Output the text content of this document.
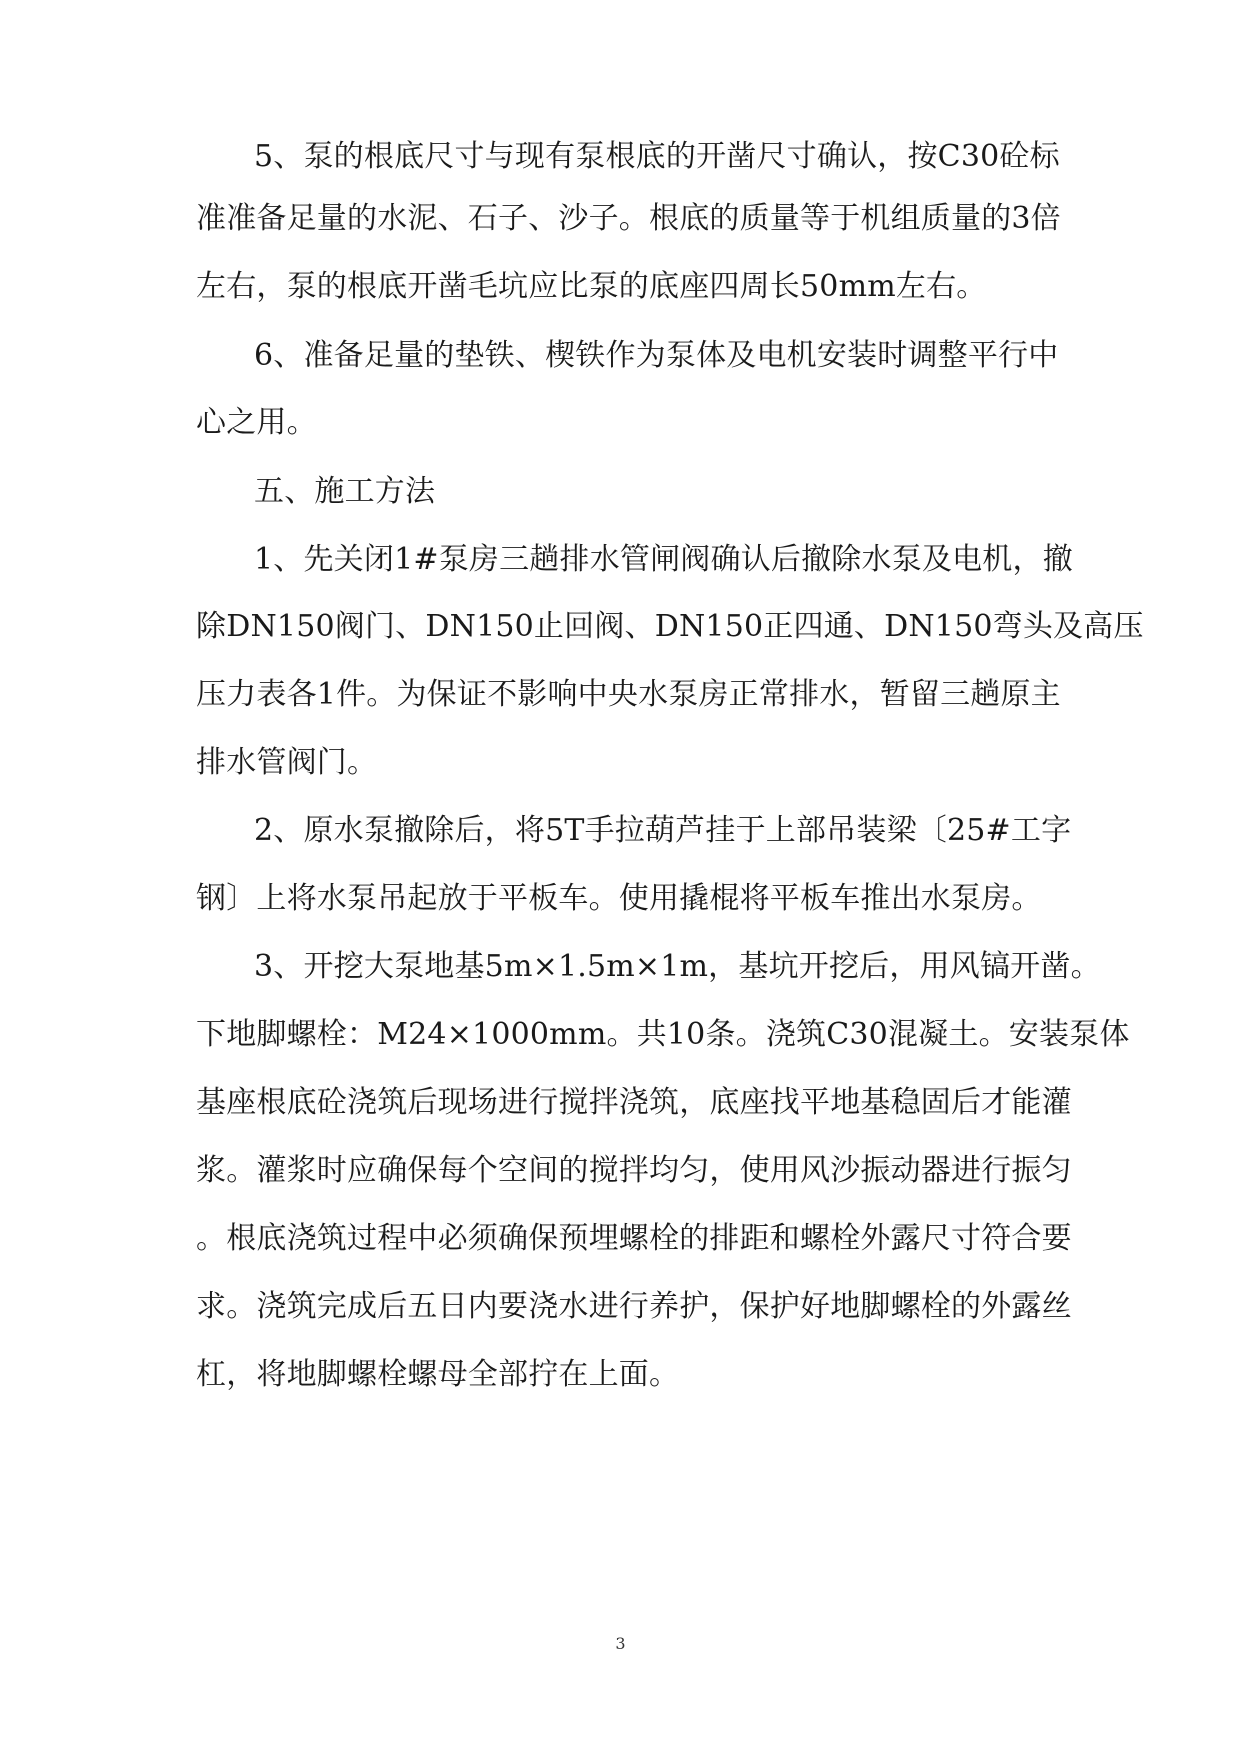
5、泵的根底尺寸与现有泵根底的开凿尺寸确认，按C30砼标
准准备足量的水泥、石子、沙子。根底的质量等于机组质量的3倍
左右，泵的根底开凿毛坑应比泵的底座四周长50mm左右。
6、准备足量的垫铁、楔铁作为泵体及电机安装时调整平行中
心之用。
五、施工方法
1、先关闭1#泵房三趟排水管闸阀确认后撤除水泵及电机，撤
除DN150阀门、DN150止回阀、DN150正四通、DN150弯头及高压
压力表各1件。为保证不影响中央水泵房正常排水，暂留三趟原主
排水管阀门。
2、原水泵撤除后，将5T手拉葫芦挂于上部吊装梁〔25#工字
钢〕上将水泵吊起放于平板车。使用撬棍将平板车推出水泵房。
3、开挖大泵地基5m×1.5m×1m，基坑开挖后，用风镐开凿。
下地脚螺栓：M24×1000mm。共10条。浇筑C30混凝土。安装泵体
基座根底砼浇筑后现场进行搅拌浇筑，底座找平地基稳固后才能灌
浆。灌浆时应确保每个空间的搅拌均匀，使用风沙振动器进行振匀
。根底浇筑过程中必须确保预埋螺栓的排距和螺栓外露尺寸符合要
求。浇筑完成后五日内要浇水进行养护，保护好地脚螺栓的外露丝
杠，将地脚螺栓螺母全部拧在上面。
3
